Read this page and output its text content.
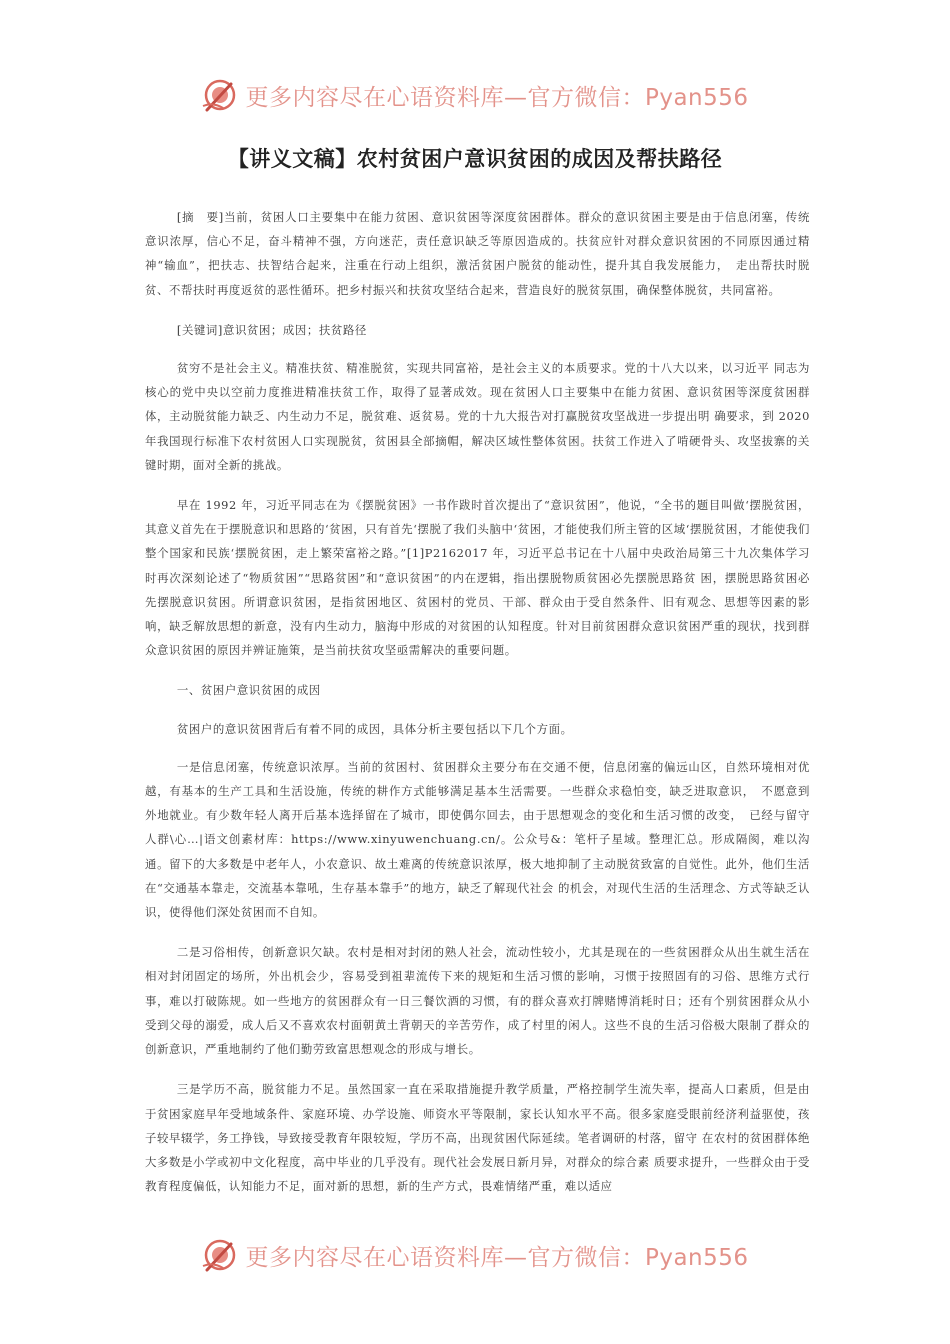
更多内容尽在心语资料库—官方微信：Pyan556
【讲义文稿】农村贫困户意识贫困的成因及帮扶路径

[摘　要]当前，贫困人口主要集中在能力贫困、意识贫困等深度贫困群体。群众的意识贫困主要是由于信息闭塞，传统意识浓厚，信心不足，奋斗精神不强，方向迷茫，责任意识缺乏等原因造成的。扶贫应针对群众意识贫困的不同原因通过精神“输血”，把扶志、扶智结合起来，注重在行动上组织，激活贫困户脱贫的能动性，提升其自我发展能力，　走出帮扶时脱贫、不帮扶时再度返贫的恶性循环。把乡村振兴和扶贫攻坚结合起来，营造良好的脱贫氛围，确保整体脱贫，共同富裕。

[关键词]意识贫困；成因；扶贫路径

贫穷不是社会主义。精准扶贫、精准脱贫，实现共同富裕，是社会主义的本质要求。党的十八大以来，以习近平 同志为核心的党中央以空前力度推进精准扶贫工作，取得了显著成效。现在贫困人口主要集中在能力贫困、意识贫困等深度贫困群体，主动脱贫能力缺乏、内生动力不足，脱贫难、返贫易。党的十九大报告对打赢脱贫攻坚战进一步提出明 确要求，到 2020 年我国现行标准下农村贫困人口实现脱贫，贫困县全部摘帽，解决区域性整体贫困。扶贫工作进入了啃硬骨头、攻坚拔寨的关键时期，面对全新的挑战。

早在 1992 年，习近平同志在为《摆脱贫困》一书作跋时首次提出了“意识贫困”，他说，“全书的题目叫做‘摆脱贫困，其意义首先在于摆脱意识和思路的‘贫困，只有首先‘摆脱了我们头脑中‘贫困，才能使我们所主管的区域‘摆脱贫困，才能使我们整个国家和民族‘摆脱贫困，走上繁荣富裕之路。”[1]P2162017 年，习近平总书记在十八届中央政治局第三十九次集体学习时再次深刻论述了“物质贫困”“思路贫困”和“意识贫困”的内在逻辑，指出摆脱物质贫困必先摆脱思路贫 困，摆脱思路贫困必先摆脱意识贫困。所谓意识贫困，是指贫困地区、贫困村的党员、干部、群众由于受自然条件、旧有观念、思想等因素的影响，缺乏解放思想的新意，没有内生动力，脑海中形成的对贫困的认知程度。针对目前贫困群众意识贫困严重的现状，找到群众意识贫困的原因并辨证施策，是当前扶贫攻坚亟需解决的重要问题。

一、贫困户意识贫困的成因

贫困户的意识贫困背后有着不同的成因，具体分析主要包括以下几个方面。

一是信息闭塞，传统意识浓厚。当前的贫困村、贫困群众主要分布在交通不便，信息闭塞的偏远山区，自然环境相对优越，有基本的生产工具和生活设施，传统的耕作方式能够满足基本生活需要。一些群众求稳怕变，缺乏进取意识，　不愿意到外地就业。有少数年轻人离开后基本选择留在了城市，即使偶尔回去，由于思想观念的变化和生活习惯的改变，　已经与留守人群\心…|语文创素材库：https://www.xinyuwenchuang.cn/。公众号&：笔杆子星域。整理汇总。形成隔阂，难以沟通。留下的大多数是中老年人，小农意识、故土难离的传统意识浓厚，极大地抑制了主动脱贫致富的自觉性。此外，他们生活在“交通基本靠走，交流基本靠吼，生存基本靠手”的地方，缺乏了解现代社会 的机会，对现代生活的生活理念、方式等缺乏认识，使得他们深处贫困而不自知。

二是习俗相传，创新意识欠缺。农村是相对封闭的熟人社会，流动性较小，尤其是现在的一些贫困群众从出生就生活在相对封闭固定的场所，外出机会少，容易受到祖辈流传下来的规矩和生活习惯的影响，习惯于按照固有的习俗、思维方式行事，难以打破陈规。如一些地方的贫困群众有一日三餐饮酒的习惯，有的群众喜欢打牌赌博消耗时日；还有个别贫困群众从小受到父母的溺爱，成人后又不喜欢农村面朝黄土背朝天的辛苦劳作，成了村里的闲人。这些不良的生活习俗极大限制了群众的创新意识，严重地制约了他们勤劳致富思想观念的形成与增长。

三是学历不高，脱贫能力不足。虽然国家一直在采取措施提升教学质量，严格控制学生流失率，提高人口素质，但是由于贫困家庭早年受地域条件、家庭环境、办学设施、师资水平等限制，家长认知水平不高。很多家庭受眼前经济利益驱使，孩子较早辍学，务工挣钱，导致接受教育年限较短，学历不高，出现贫困代际延续。笔者调研的村落，留守 在农村的贫困群体绝大多数是小学或初中文化程度，高中毕业的几乎没有。现代社会发展日新月异，对群众的综合素 质要求提升，一些群众由于受教育程度偏低，认知能力不足，面对新的思想，新的生产方式，畏难情绪严重，难以适应

更多内容尽在心语资料库—官方微信：Pyan556
